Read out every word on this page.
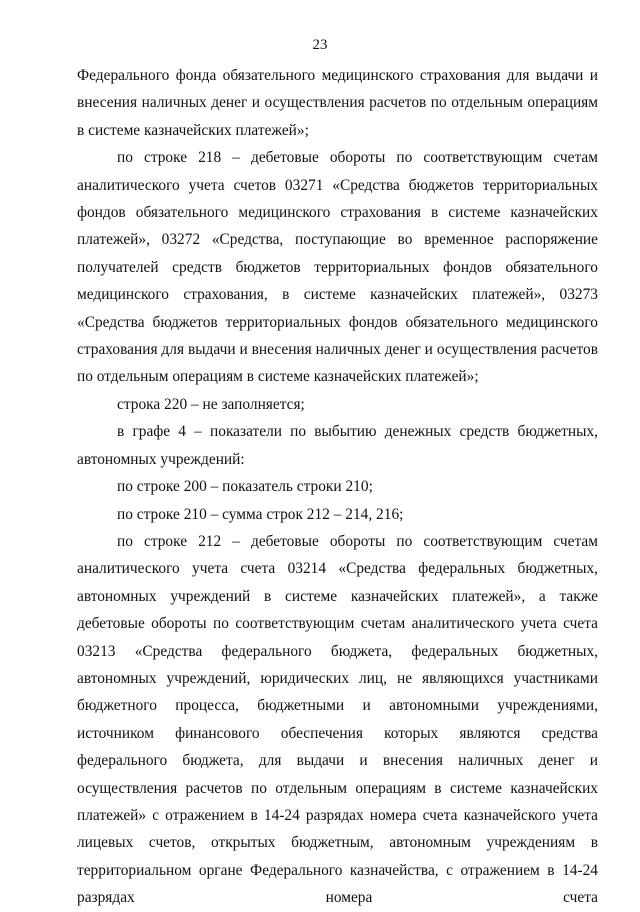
23

Федерального фонда обязательного медицинского страхования для выдачи и внесения наличных денег и осуществления расчетов по отдельным операциям в системе казначейских платежей»;

по строке 218 – дебетовые обороты по соответствующим счетам аналитического учета счетов 03271 «Средства бюджетов территориальных фондов обязательного медицинского страхования в системе казначейских платежей», 03272 «Средства, поступающие во временное распоряжение получателей средств бюджетов территориальных фондов обязательного медицинского страхования, в системе казначейских платежей», 03273 «Средства бюджетов территориальных фондов обязательного медицинского страхования для выдачи и внесения наличных денег и осуществления расчетов по отдельным операциям в системе казначейских платежей»;

строка 220 – не заполняется;

в графе 4 – показатели по выбытию денежных средств бюджетных, автономных учреждений:

по строке 200 – показатель строки 210;

по строке 210 – сумма строк 212 – 214, 216;

по строке 212 – дебетовые обороты по соответствующим счетам аналитического учета счета 03214 «Средства федеральных бюджетных, автономных учреждений в системе казначейских платежей», а также дебетовые обороты по соответствующим счетам аналитического учета счета 03213 «Средства федерального бюджета, федеральных бюджетных, автономных учреждений, юридических лиц, не являющихся участниками бюджетного процесса, бюджетными и автономными учреждениями, источником финансового обеспечения которых являются средства федерального бюджета, для выдачи и внесения наличных денег и осуществления расчетов по отдельным операциям в системе казначейских платежей» с отражением в 14-24 разрядах номера счета казначейского учета лицевых счетов, открытых бюджетным, автономным учреждениям в территориальном органе Федерального казначейства, с отражением в 14-24 разрядах номера счета
